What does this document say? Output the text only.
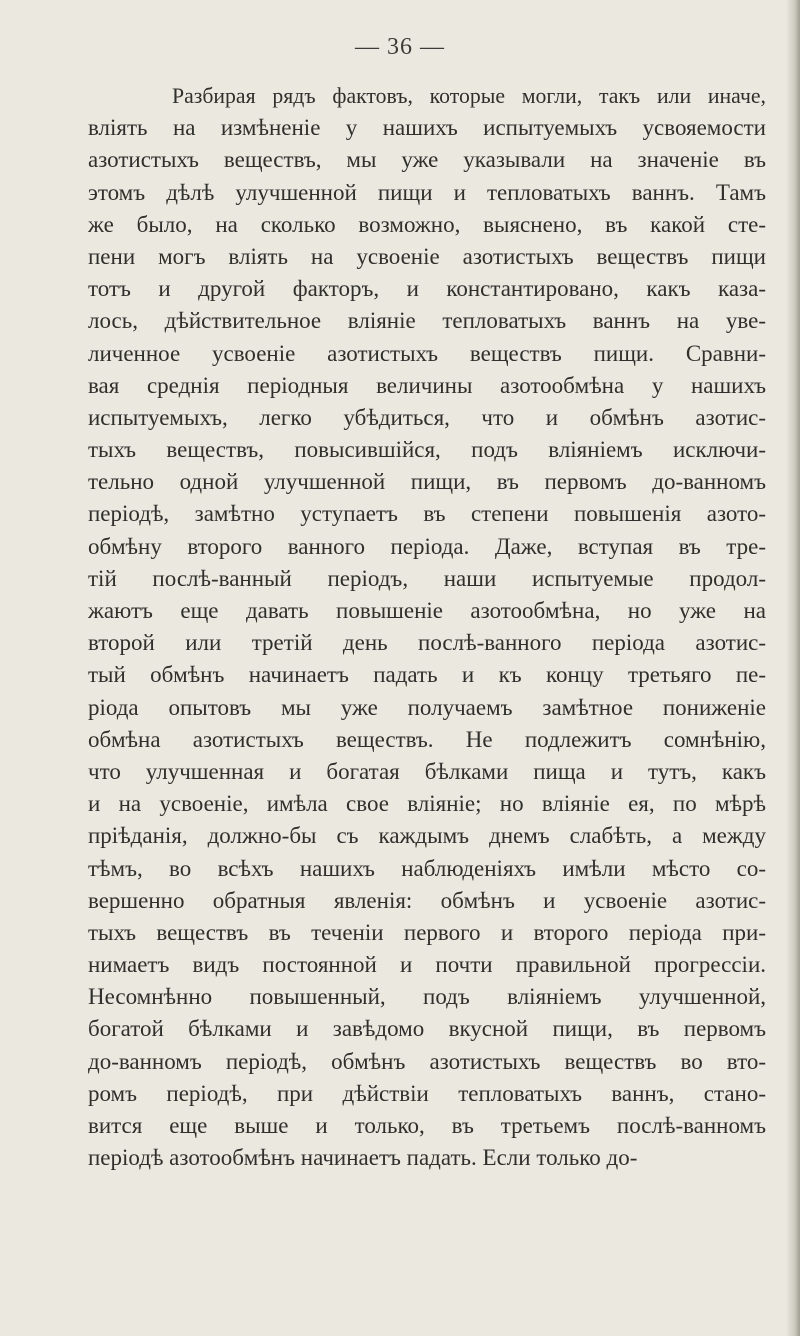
— 36 —
Разбирая рядъ фактовъ, которые могли, такъ или иначе,
вліять на измѣненіе у нашихъ испытуемыхъ усвояемости
азотистыхъ веществъ, мы уже указывали на значеніе въ
этомъ дѣлѣ улучшенной пищи и тепловатыхъ ваннъ. Тамъ
же было, на сколько возможно, выяснено, въ какой сте-
пени могъ вліять на усвоеніе азотистыхъ веществъ пищи
тотъ и другой факторъ, и константировано, какъ каза-
лось, дѣйствительное вліяніе тепловатыхъ ваннъ на уве-
личенное усвоеніе азотистыхъ веществъ пищи. Сравни-
вая среднія періодныя величины азотообмѣна у нашихъ
испытуемыхъ, легко убѣдиться, что и обмѣнъ азотис-
тыхъ веществъ, повысившійся, подъ вліяніемъ исключи-
тельно одной улучшенной пищи, въ первомъ до-ванномъ
періодѣ, замѣтно уступаетъ въ степени повышенія азото-
обмѣну второго ванного періода. Даже, вступая въ тре-
тій послѣ-ванный періодъ, наши испытуемые продол-
жаютъ еще давать повышеніе азотообмѣна, но уже на
второй или третій день послѣ-ванного періода азотис-
тый обмѣнъ начинаетъ падать и къ концу третьяго пе-
ріода опытовъ мы уже получаемъ замѣтное пониженіе
обмѣна азотистыхъ веществъ. Не подлежитъ сомнѣнію,
что улучшенная и богатая бѣлками пища и тутъ, какъ
и на усвоеніе, имѣла свое вліяніе; но вліяніе ея, по мѣрѣ
пріѣданія, должно-бы съ каждымъ днемъ слабѣть, а между
тѣмъ, во всѣхъ нашихъ наблюденіяхъ имѣли мѣсто со-
вершенно обратныя явленія: обмѣнъ и усвоеніе азотис-
тыхъ веществъ въ теченіи первого и второго періода при-
нимаетъ видъ постоянной и почти правильной прогрессіи.
Несомнѣнно повышенный, подъ вліяніемъ улучшенной,
богатой бѣлками и завѣдомо вкусной пищи, въ первомъ
до-ванномъ періодѣ, обмѣнъ азотистыхъ веществъ во вто-
ромъ періодѣ, при дѣйствіи тепловатыхъ ваннъ, стано-
вится еще выше и только, въ третьемъ послѣ-ванномъ
періодѣ азотообмѣнъ начинаетъ падать. Если только до-
